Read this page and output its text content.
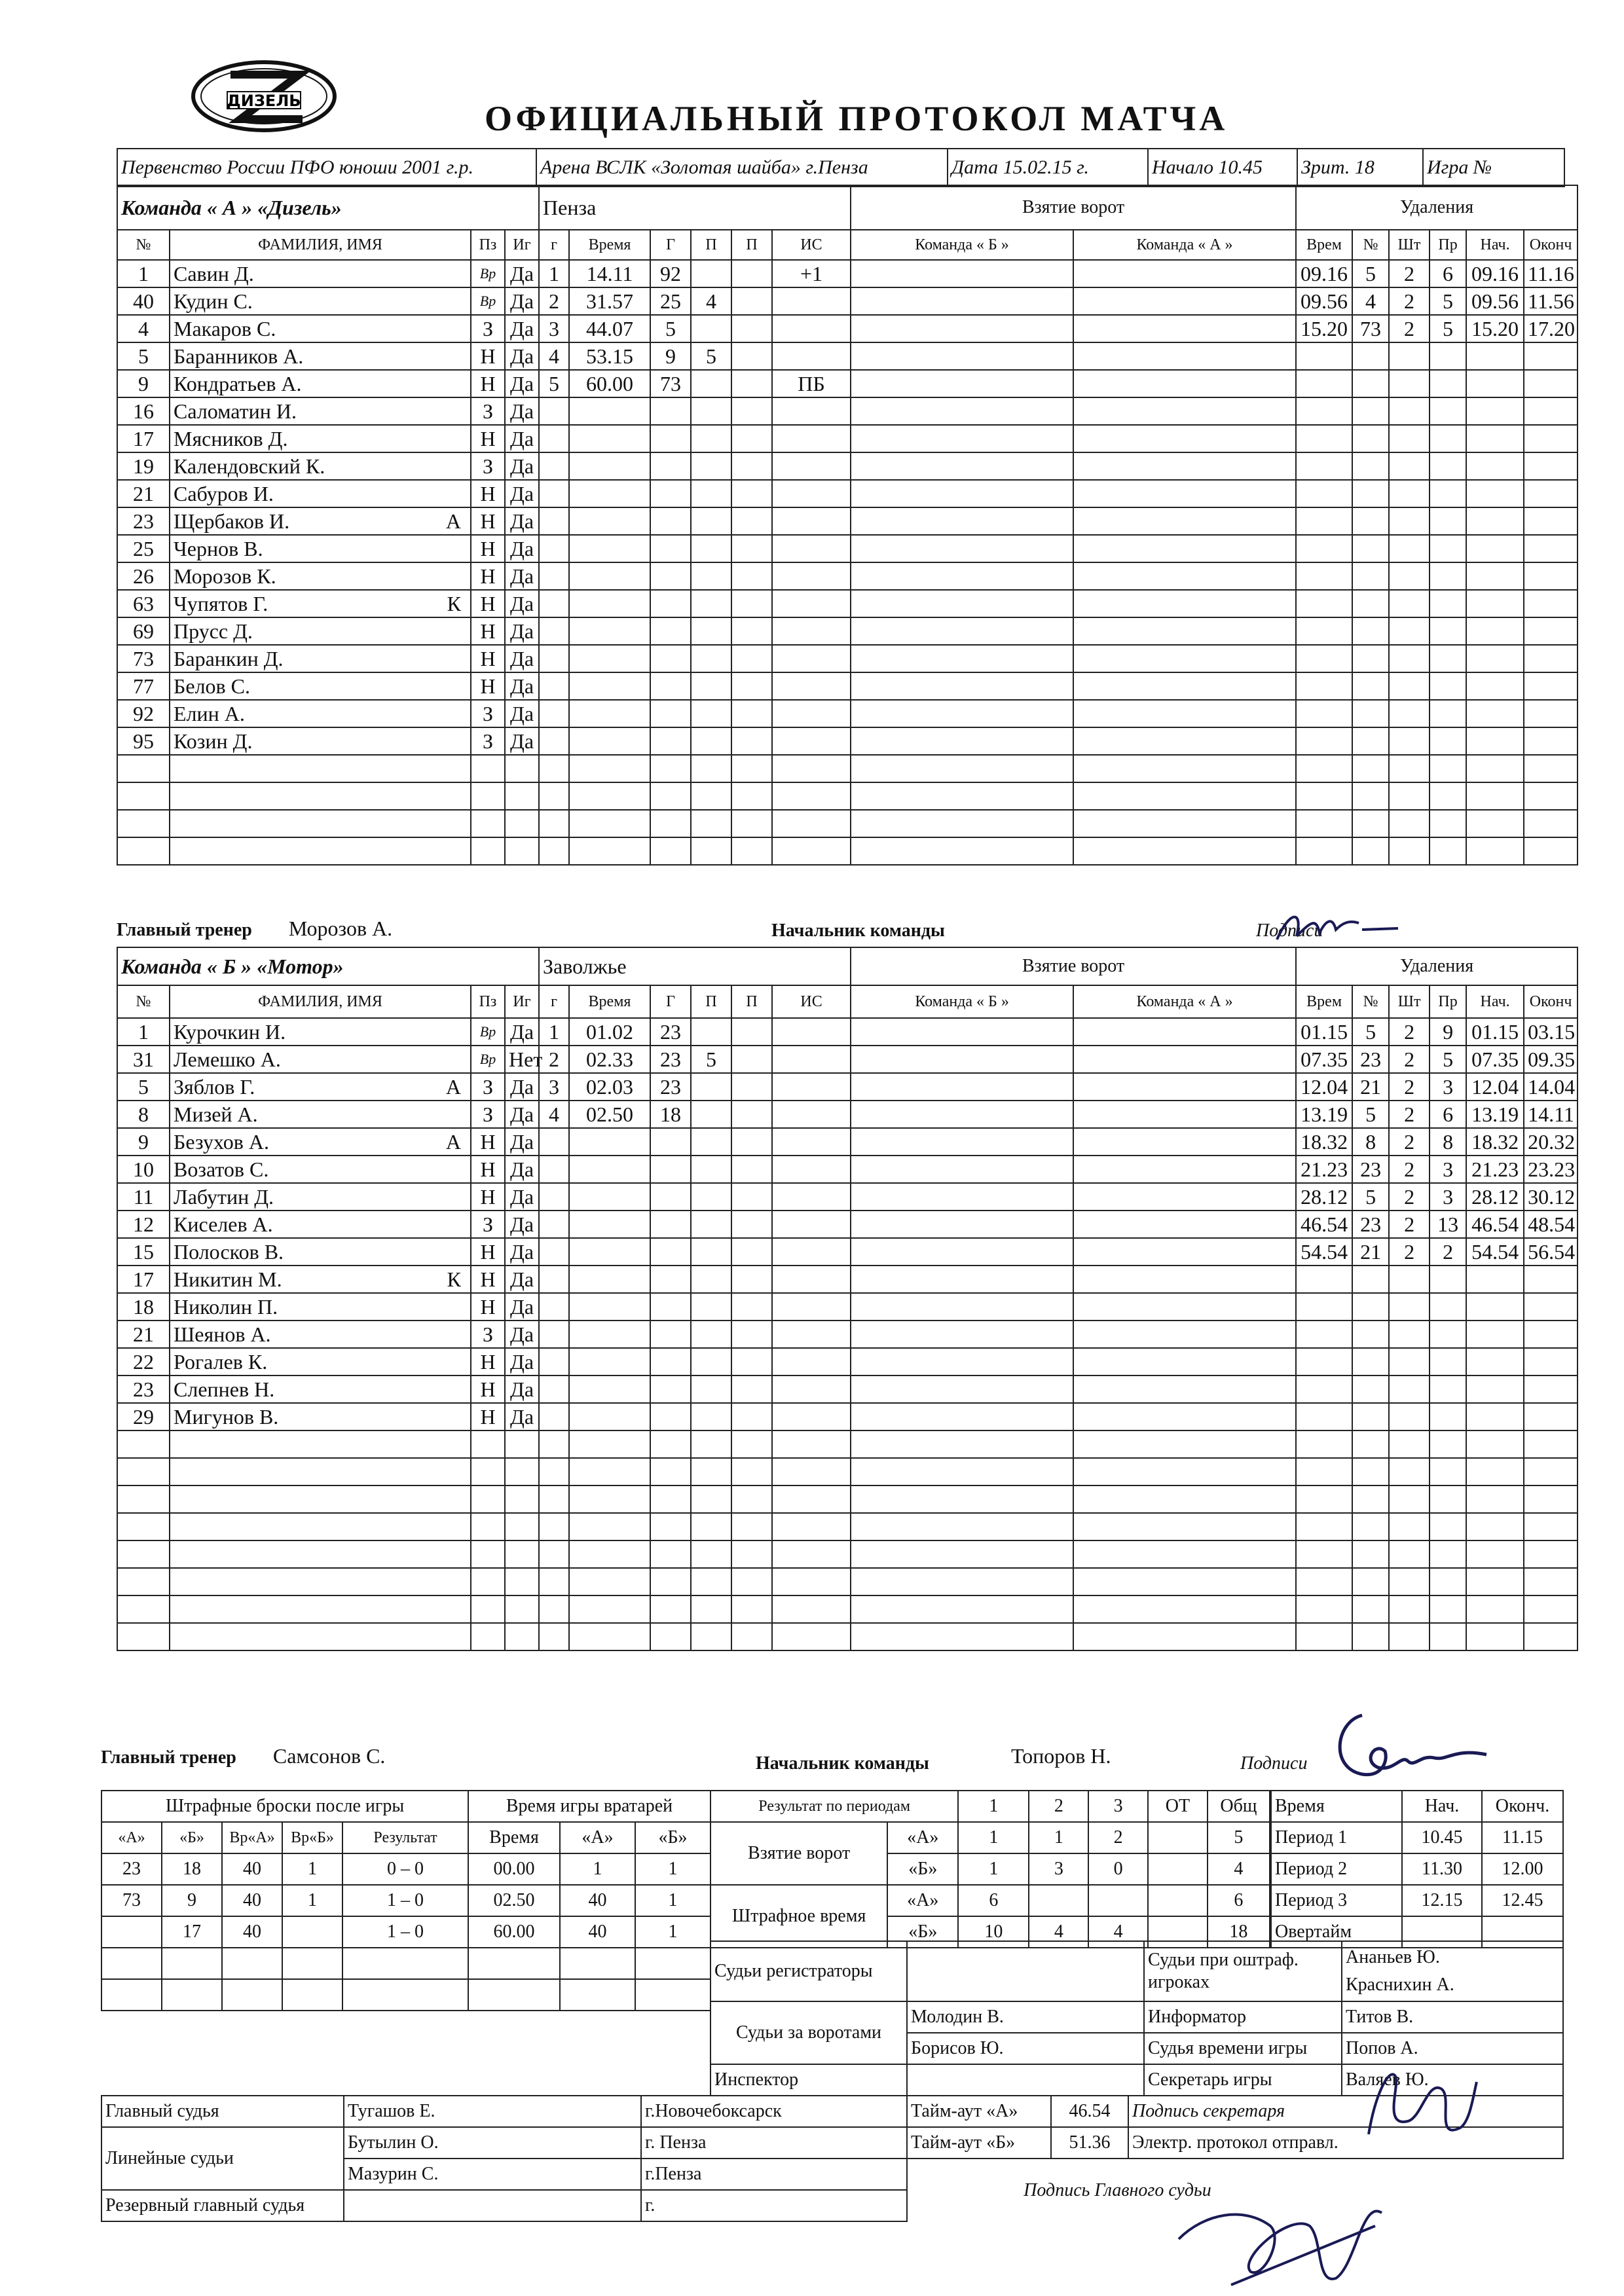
ДИЗЕЛЬ	ОФИЦИАЛЬНЫЙ ПРОТОКОЛ МАТЧА
Первенство России ПФО юноши 2001 г.р.	Арена ВСЛК «Золотая шайба» г.Пенза	Дата 15.02.15 г.	Начало 10.45	Зрит. 18	Игра №
Команда « А » «Дизель»				Пенза						Взятие ворот		Удаления					
№	ФАМИЛИЯ, ИМЯ	Пз	Иг	г	Время	Г	П	П	ИС	Команда « Б »	Команда « А »	Врем	№	Шт	Пр	Нач.	Оконч
1	Савин Д.	Вр	Да	1	14.11	92			+1			09.16	5	2	6	09.16	11.16
40	Кудин С.	Вр	Да	2	31.57	25	4					09.56	4	2	5	09.56	11.56
4	Макаров С.	З	Да	3	44.07	5						15.20	73	2	5	15.20	17.20
5	Баранников А.	Н	Да	4	53.15	9	5										
9	Кондратьев А.	Н	Да	5	60.00	73			ПБ								
16	Саломатин И.	З	Да														
17	Мясников Д.	Н	Да														
19	Календовский К.	З	Да														
21	Сабуров И.	Н	Да														
23	Щербаков И. А	Н	Да														
25	Чернов В.	Н	Да														
26	Морозов К.	Н	Да														
63	Чупятов Г. К	Н	Да														
69	Прусс Д.	Н	Да														
73	Баранкин Д.	Н	Да														
77	Белов С.	Н	Да														
92	Елин А.	З	Да														
95	Козин Д.	З	Да														

Главный тренер Морозов А.	Начальник команды	Подписи
Команда « Б » «Мотор»				Заволжье						Взятие ворот		Удаления					
№	ФАМИЛИЯ, ИМЯ	Пз	Иг	г	Время	Г	П	П	ИС	Команда « Б »	Команда « А »	Врем	№	Шт	Пр	Нач.	Оконч
1	Курочкин И.	Вр	Да	1	01.02	23						01.15	5	2	9	01.15	03.15
31	Лемешко А.	Вр	Нет	2	02.33	23	5					07.35	23	2	5	07.35	09.35
5	Зяблов Г. А	З	Да	3	02.03	23						12.04	21	2	3	12.04	14.04
8	Мизей А.	З	Да	4	02.50	18						13.19	5	2	6	13.19	14.11
9	Безухов А. А	Н	Да									18.32	8	2	8	18.32	20.32
10	Возатов С.	Н	Да									21.23	23	2	3	21.23	23.23
11	Лабутин Д.	Н	Да									28.12	5	2	3	28.12	30.12
12	Киселев А.	З	Да									46.54	23	2	13	46.54	48.54
15	Полосков В.	Н	Да									54.54	21	2	2	54.54	56.54
17	Никитин М. К	Н	Да														
18	Николин П.	Н	Да														
21	Шеянов А.	З	Да														
22	Рогалев К.	Н	Да														
23	Слепнев Н.	Н	Да														
29	Мигунов В.	Н	Да														

Главный тренер Самсонов С.	Начальник команды	Топоров Н.	Подписи
Штрафные броски после игры				
«А»	«Б»	Вр«А»	Вр«Б»	Результат
23	18	40	1	0 – 0
73	9	40	1	1 – 0
	17	40		1 – 0

Время игры вратарей		
Время	«А»	«Б»
00.00	1	1
02.50	40	1
60.00	40	1

Результат по периодам		1	2	3	ОТ	Общ
Взятие ворот	«А»	1	1	2		5
	«Б»	1	3	0		4
Штрафное время	«А»	6				6
	«Б»	10	4	4		18
Время	Нач.	Оконч.
Период 1	10.45	11.15
Период 2	11.30	12.00
Период 3	12.15	12.45
Овертайм		
Судьи регистраторы		Судьи при оштраф. игроках	Ананьев Ю.
Краснихин А.
Судьи за воротами	Молодин В.	Информатор	Титов В.
	Борисов Ю.	Судья времени игры	Попов А.
Инспектор		Секретарь игры	Валяев Ю.
Главный судья	Тугашов Е.	г.Новочебоксарск	Тайм-аут «А»	46.54	Подпись секретаря
Линейные судьи	Бутылин О.	г. Пенза	Тайм-аут «Б»	51.36	Электр. протокол отправл.
	Мазурин С.	г.Пенза	Подпись Главного судьи		
Резервный главный судья		г.			
